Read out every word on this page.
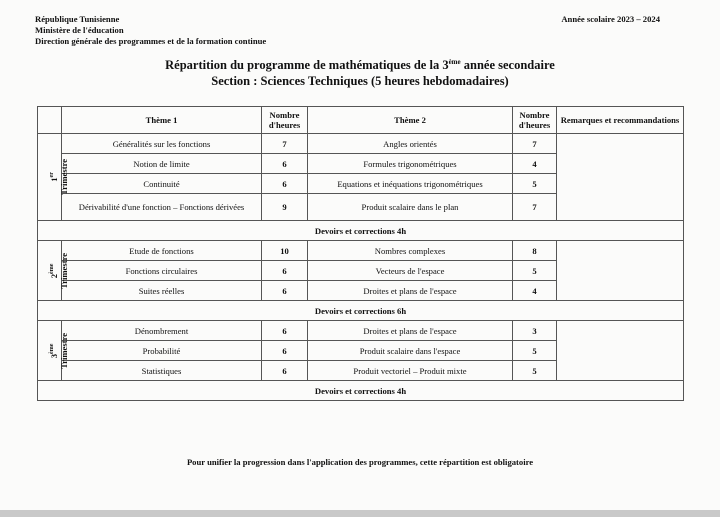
République Tunisienne
Ministère de l'éducation
Direction générale des programmes et de la formation continue
Année scolaire 2023 – 2024
Répartition du programme de mathématiques de la 3ème année secondaire
Section : Sciences Techniques (5 heures hebdomadaires)
	Thème 1	Nombre d'heures	Thème 2	Nombre d'heures	Remarques et recommandations
1er Trimestre	Généralités sur les fonctions	7	Angles orientés	7	
	Notion de limite	6	Formules trigonométriques	4	
	Continuité	6	Equations et inéquations trigonométriques	5	
	Dérivabilité d'une fonction – Fonctions dérivées	9	Produit scalaire dans le plan	7	
Devoirs et corrections 4h					
2ème Trimestre	Etude de fonctions	10	Nombres complexes	8	
	Fonctions circulaires	6	Vecteurs de l'espace	5	
	Suites réelles	6	Droites et plans de l'espace	4	
Devoirs et corrections 6h					
3ème Trimestre	Dénombrement	6	Droites et plans de l'espace	3	
	Probabilité	6	Produit scalaire dans l'espace	5	
	Statistiques	6	Produit vectoriel – Produit mixte	5	
Devoirs et corrections 4h					
Pour unifier la progression dans l'application des programmes, cette répartition est obligatoire
